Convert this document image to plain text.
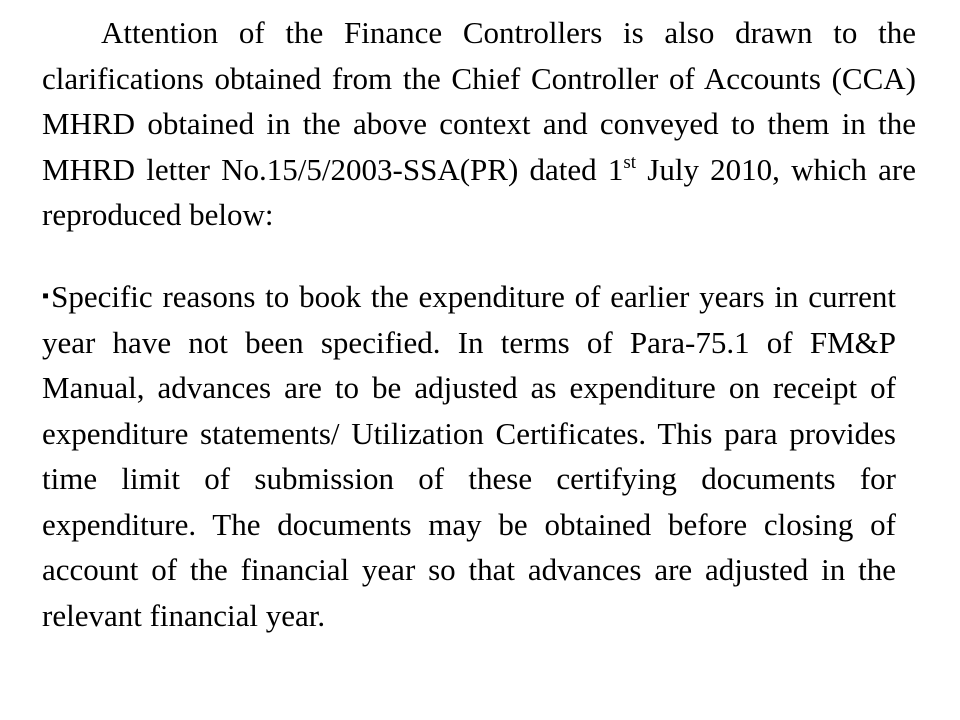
Attention of the Finance Controllers is also drawn to the clarifications obtained from the Chief Controller of Accounts (CCA) MHRD obtained in the above context and conveyed to them in the MHRD letter No.15/5/2003-SSA(PR) dated 1st July 2010, which are reproduced below:

▪Specific reasons to book the expenditure of earlier years in current year have not been specified. In terms of Para-75.1 of FM&P Manual, advances are to be adjusted as expenditure on receipt of expenditure statements/ Utilization Certificates. This para provides time limit of submission of these certifying documents for expenditure. The documents may be obtained before closing of account of the financial year so that advances are adjusted in the relevant financial year.
